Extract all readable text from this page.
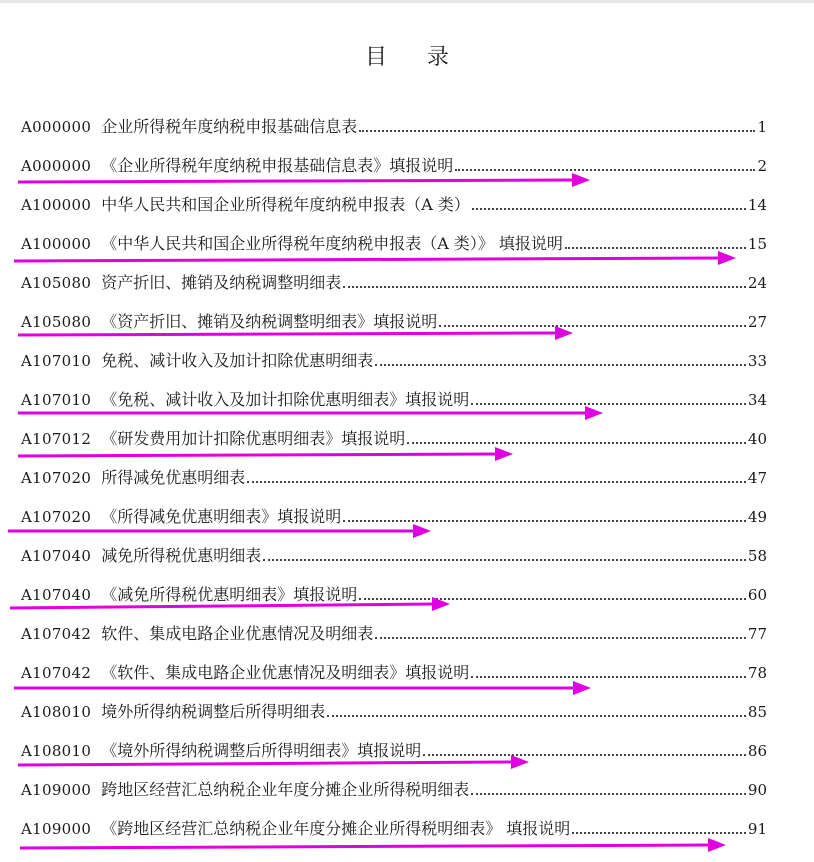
目 录
A000000 企业所得税年度纳税申报基础信息表	1
A000000 《企业所得税年度纳税申报基础信息表》填报说明	2
A100000 中华人民共和国企业所得税年度纳税申报表（A 类）	14
A100000 《中华人民共和国企业所得税年度纳税申报表（A 类）》 填报说明	15
A105080 资产折旧、摊销及纳税调整明细表	24
A105080 《资产折旧、摊销及纳税调整明细表》填报说明	27
A107010 免税、减计收入及加计扣除优惠明细表	33
A107010 《免税、减计收入及加计扣除优惠明细表》填报说明	34
A107012 《研发费用加计扣除优惠明细表》填报说明	40
A107020 所得减免优惠明细表	47
A107020 《所得减免优惠明细表》填报说明	49
A107040 减免所得税优惠明细表	58
A107040 《减免所得税优惠明细表》填报说明	60
A107042 软件、集成电路企业优惠情况及明细表	77
A107042 《软件、集成电路企业优惠情况及明细表》填报说明	78
A108010 境外所得纳税调整后所得明细表	85
A108010 《境外所得纳税调整后所得明细表》填报说明	86
A109000 跨地区经营汇总纳税企业年度分摊企业所得税明细表	90
A109000 《跨地区经营汇总纳税企业年度分摊企业所得税明细表》 填报说明	91
